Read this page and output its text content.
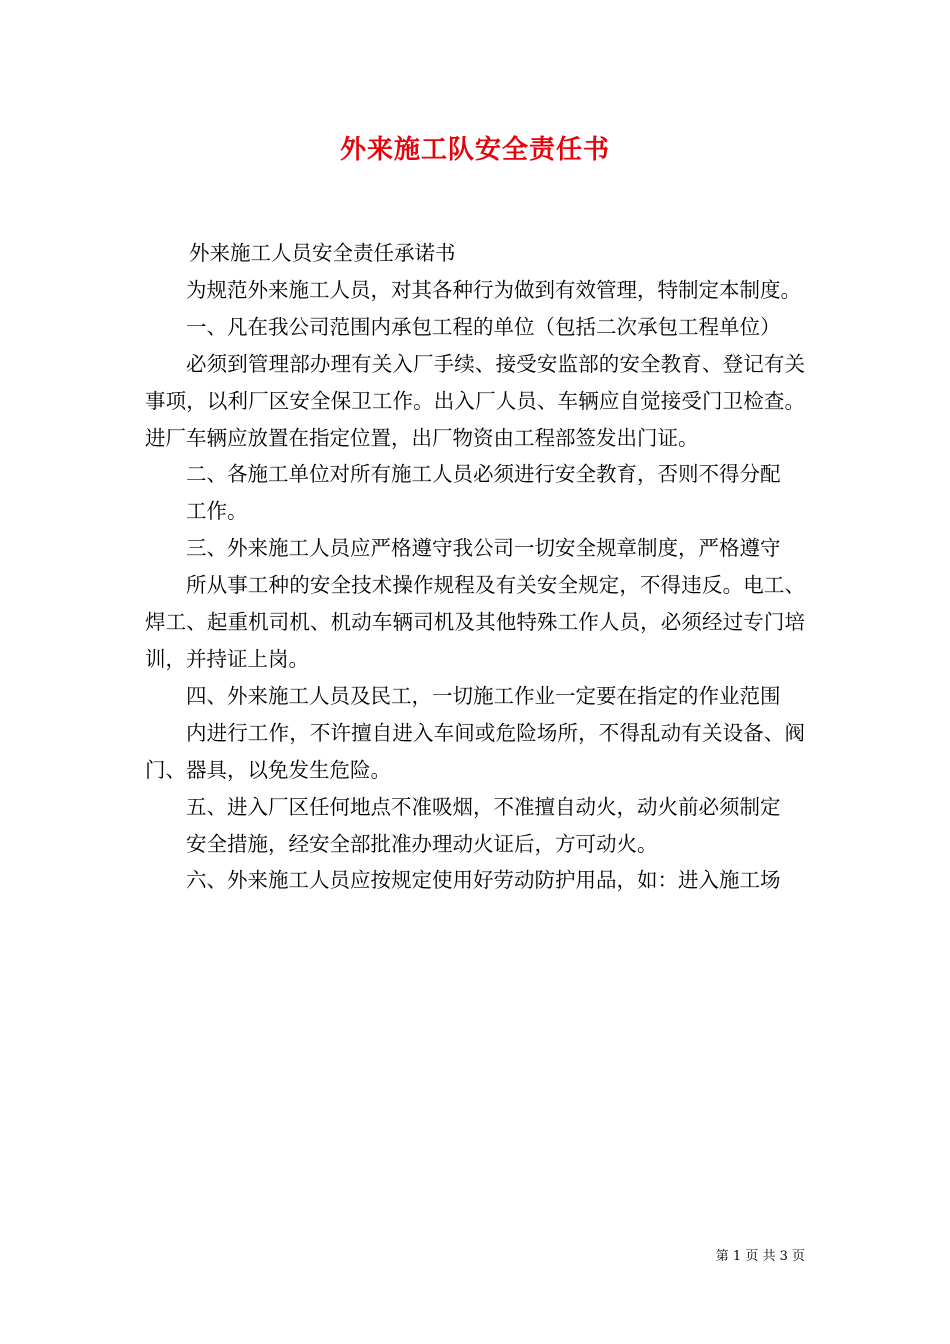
外来施工队安全责任书

外来施工人员安全责任承诺书

为规范外来施工人员，对其各种行为做到有效管理，特制定本制度。

一、凡在我公司范围内承包工程的单位（包括二次承包工程单位）

必须到管理部办理有关入厂手续、接受安监部的安全教育、登记有关事项，以利厂区安全保卫工作。出入厂人员、车辆应自觉接受门卫检查。进厂车辆应放置在指定位置，出厂物资由工程部签发出门证。

二、各施工单位对所有施工人员必须进行安全教育，否则不得分配

工作。

三、外来施工人员应严格遵守我公司一切安全规章制度，严格遵守

所从事工种的安全技术操作规程及有关安全规定，不得违反。电工、焊工、起重机司机、机动车辆司机及其他特殊工作人员，必须经过专门培训，并持证上岗。

四、外来施工人员及民工，一切施工作业一定要在指定的作业范围

内进行工作，不许擅自进入车间或危险场所，不得乱动有关设备、阀门、器具，以免发生危险。

五、进入厂区任何地点不准吸烟，不准擅自动火，动火前必须制定

安全措施，经安全部批准办理动火证后，方可动火。

六、外来施工人员应按规定使用好劳动防护用品，如：进入施工场

第 1 页 共 3 页
